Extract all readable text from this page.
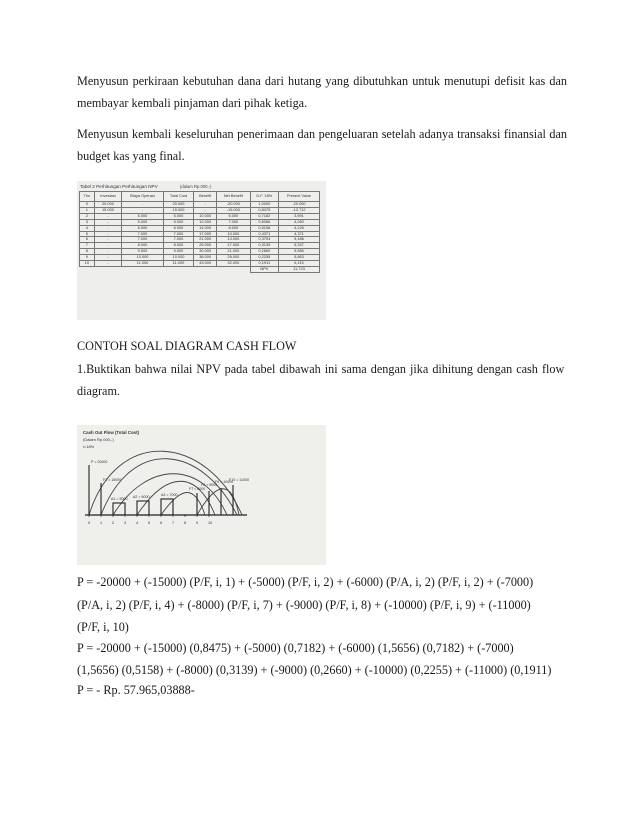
Menyusun perkiraan kebutuhan dana dari hutang yang dibutuhkan untuk menutupi defisit kas dan membayar kembali pinjaman dari pihak ketiga.

Menyusun kembali keseluruhan penerimaan dan pengeluaran setelah adanya transaksi finansial dan budget kas yang final.

Tabel 2 Perhitungan Perhitungan NPV	(dalam Rp.000,-)
Thn	Investasi	Biaya Operasi	Total Cost	Benefit	Net Benefit	D.F. 18%	Present Value
0	20.000	-	20.000	-	-20.000	1,0000	-20.000
1	15.000	-	15.000	-	-15.000	0,8475	-12,712
2	-	5.000	5.000	10.000	5.000	0,7182	3,591
3	-	5.000	5.000	12.000	7.000	0,6086	4,260
4	-	6.000	6.000	14.000	8.000	0,5158	4,126
5	-	7.000	7.000	17.000	10.000	0,4371	4,371
6	-	7.000	7.000	21.000	14.000	0,3704	5,186
7	-	8.000	8.000	25.000	17.000	0,3139	5,337
8	-	9.000	9.000	30.000	21.000	0,2660	5,586
9	-	10.000	10.000	36.000	26.000	0,2255	5,863
10	-	11.000	11.000	43.000	32.000	0,1911	6,115
						NPV	11,723
CONTOH SOAL DIAGRAM CASH FLOW

1.Buktikan bahwa nilai NPV pada tabel dibawah ini sama dengan jika dihitung dengan cash flow diagram.

Cash Out Flow (Total Cost)
(Dalam Rp.000,-)
i=18%
P = 20000
F1 = 15000
A1 = 5000 A2 = 6000	A3 = 7000
F7 = 8000
F8 = 9000
F9 = 10000
F10 = 11000
0	1	2	3	4	5	6	7	8	9	10
P = -20000 + (-15000) (P/F, i, 1) + (-5000) (P/F, i, 2) + (-6000) (P/A, i, 2) (P/F, i, 2) + (-7000)
(P/A, i, 2) (P/F, i, 4) + (-8000) (P/F, i, 7) + (-9000) (P/F, i, 8) + (-10000) (P/F, i, 9) + (-11000)
(P/F, i, 10)
P = -20000 + (-15000) (0,8475) + (-5000) (0,7182) + (-6000) (1,5656) (0,7182) + (-7000)
(1,5656) (0,5158) + (-8000) (0,3139) + (-9000) (0,2660) + (-10000) (0,2255) + (-11000) (0,1911)
P = - Rp. 57.965,03888-
